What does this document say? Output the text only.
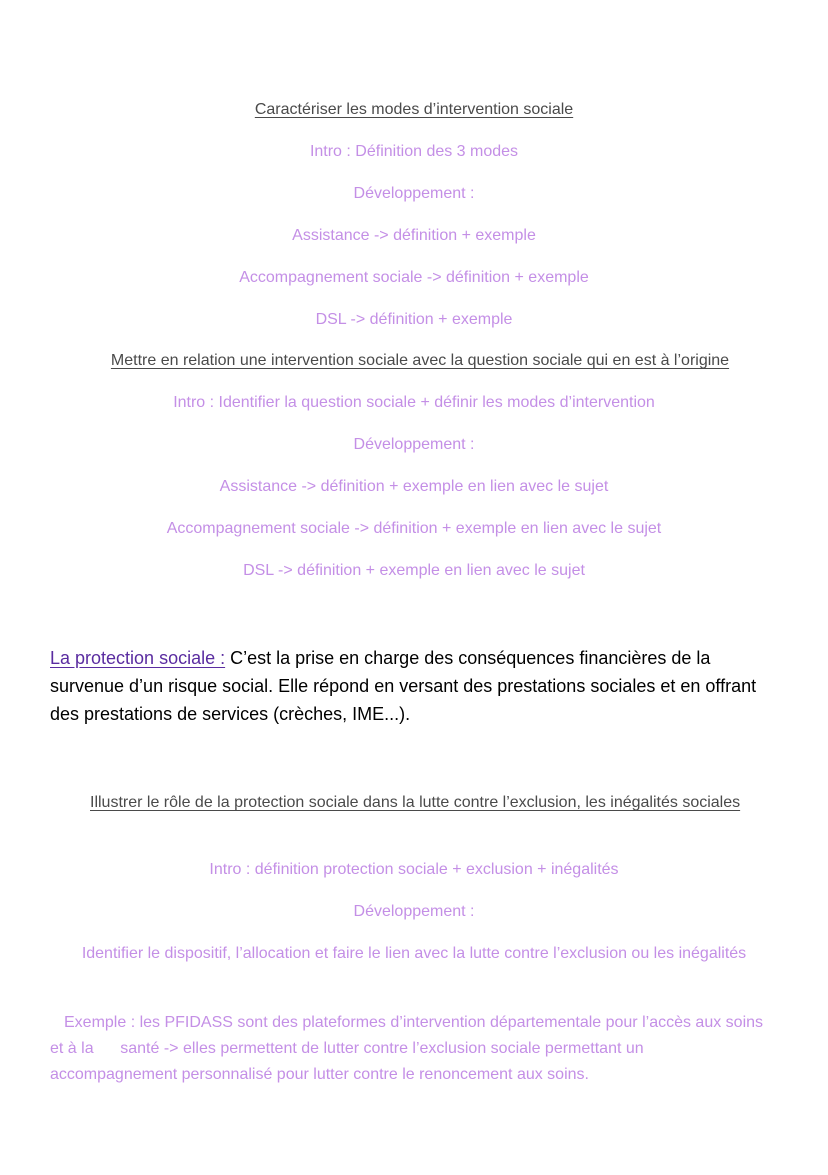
Caractériser les modes d’intervention sociale
Intro : Définition des 3 modes
Développement :
Assistance -> définition + exemple
Accompagnement sociale -> définition + exemple
DSL -> définition + exemple
Mettre en relation une intervention sociale avec la question sociale qui en est à l’origine
Intro : Identifier la question sociale + définir les modes d’intervention
Développement :
Assistance -> définition + exemple en lien avec le sujet
Accompagnement sociale -> définition + exemple en lien avec le sujet
DSL -> définition + exemple en lien avec le sujet
La protection sociale : C’est la prise en charge des conséquences financières de la survenue d’un risque social. Elle répond en versant des prestations sociales et en offrant des prestations de services (crèches, IME...).
Illustrer le rôle de la protection sociale dans la lutte contre l’exclusion, les inégalités sociales
Intro : définition protection sociale + exclusion + inégalités
Développement :
Identifier le dispositif, l’allocation et faire le lien avec la lutte contre l’exclusion ou les inégalités
Exemple : les PFIDASS sont des plateformes d’intervention départementale pour l’accès aux soins et à la      santé -> elles permettent de lutter contre l’exclusion sociale permettant un accompagnement personnalisé pour lutter contre le renoncement aux soins.
